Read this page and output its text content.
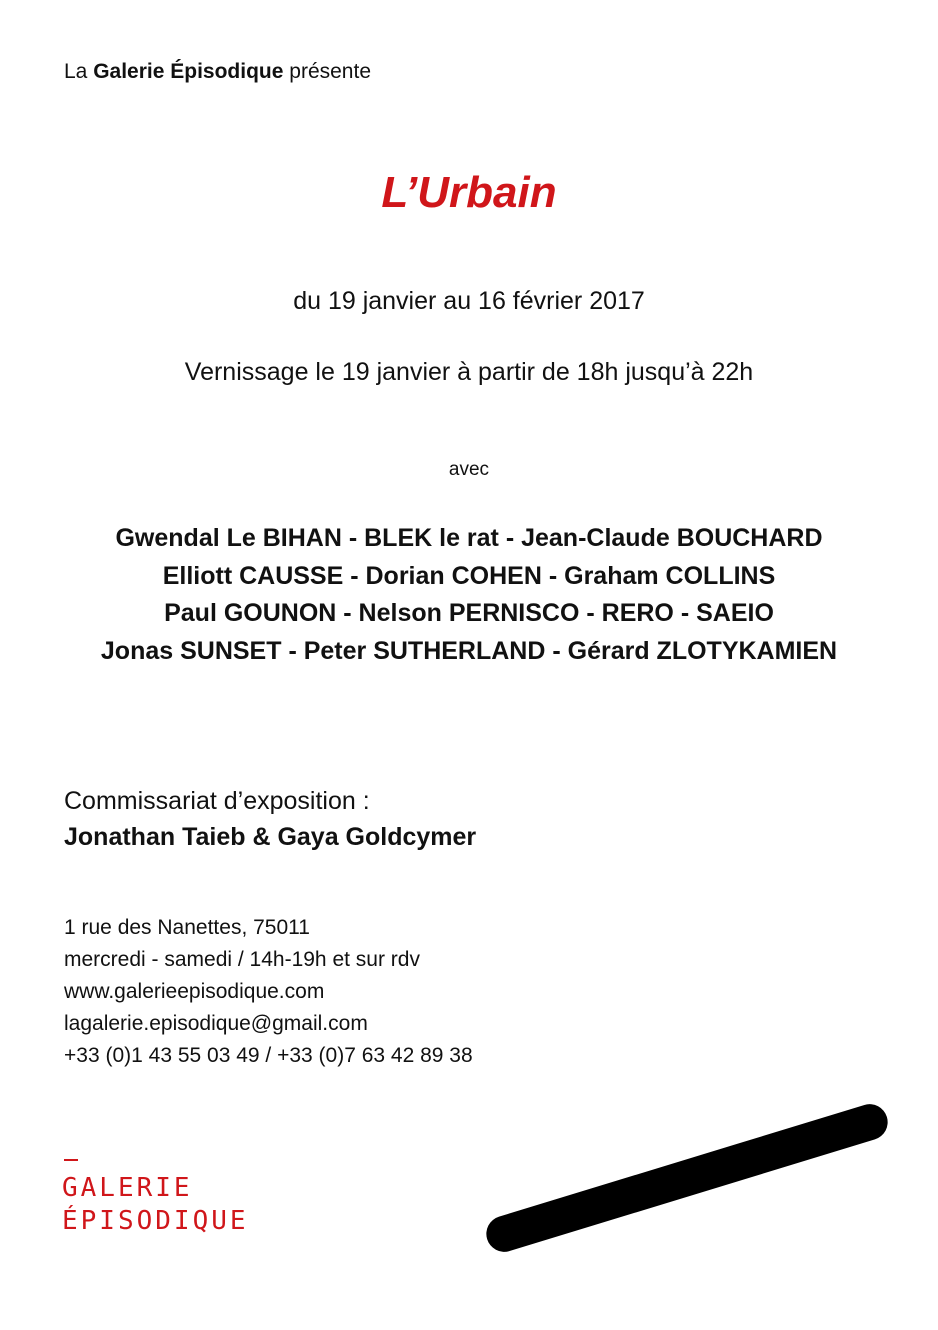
La Galerie Épisodique présente
L’Urbain
du 19 janvier au 16 février 2017
Vernissage le 19 janvier à partir de 18h jusqu’à 22h
avec
Gwendal Le BIHAN - BLEK le rat - Jean-Claude BOUCHARD
Elliott CAUSSE - Dorian COHEN - Graham COLLINS
Paul GOUNON - Nelson PERNISCO - RERO - SAEIO
Jonas SUNSET - Peter SUTHERLAND - Gérard ZLOTYKAMIEN
Commissariat d’exposition :
Jonathan Taieb & Gaya Goldcymer
1 rue des Nanettes, 75011
mercredi - samedi / 14h-19h et sur rdv
www.galerieepisodique.com
lagalerie.episodique@gmail.com
+33 (0)1 43 55 03 49 / +33 (0)7 63 42 89 38
GALERIE
ÉPISODIQUE
